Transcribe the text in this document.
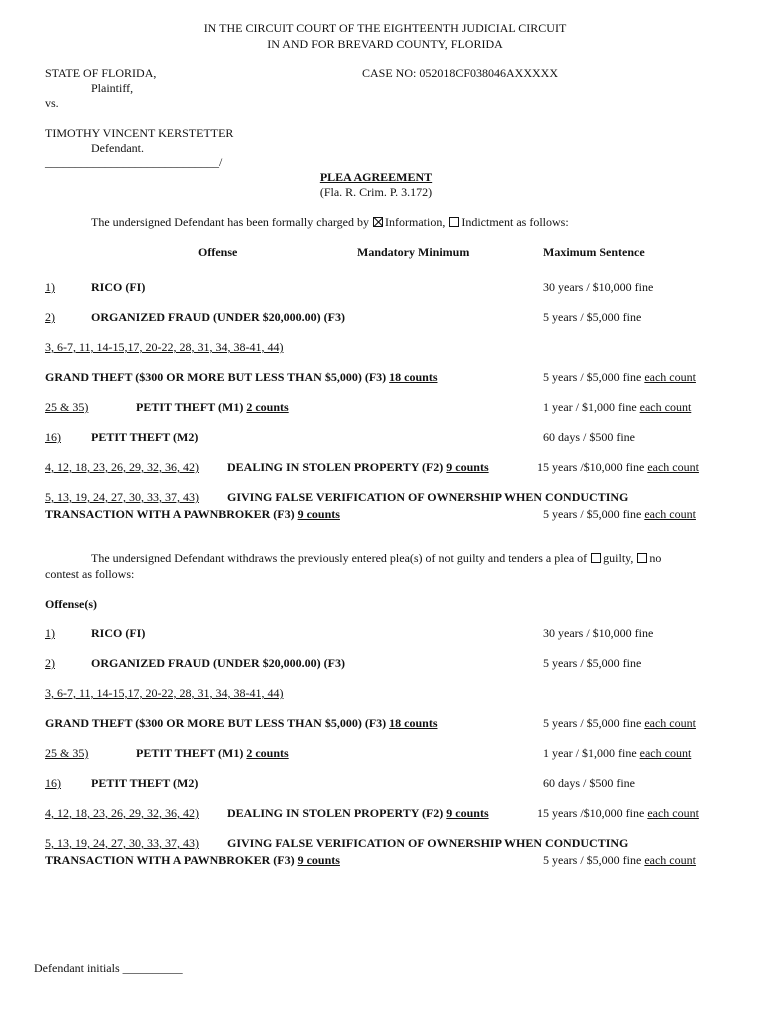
IN THE CIRCUIT COURT OF THE EIGHTEENTH JUDICIAL CIRCUIT
IN AND FOR BREVARD COUNTY, FLORIDA
STATE OF FLORIDA,	CASE NO: 052018CF038046AXXXXX
Plaintiff,
vs.
TIMOTHY VINCENT KERSTETTER
Defendant.
_____________________________/
PLEA AGREEMENT
(Fla. R. Crim. P. 3.172)
The undersigned Defendant has been formally charged by Information, Indictment as follows:
Offense	Mandatory Minimum	Maximum Sentence
1)	RICO (FI)	30 years / $10,000 fine
2)	ORGANIZED FRAUD (UNDER $20,000.00) (F3)	5 years / $5,000 fine
3, 6-7, 11, 14-15,17, 20-22, 28, 31, 34, 38-41, 44)
GRAND THEFT ($300 OR MORE BUT LESS THAN $5,000) (F3) 18 counts	5 years / $5,000 fine each count
25 & 35)	PETIT THEFT (M1) 2 counts	1 year / $1,000 fine each count
16)	PETIT THEFT (M2)	60 days / $500 fine
4, 12, 18, 23, 26, 29, 32, 36, 42) DEALING IN STOLEN PROPERTY (F2) 9 counts	15 years /$10,000 fine each count
5, 13, 19, 24, 27, 30, 33, 37, 43) GIVING FALSE VERIFICATION OF OWNERSHIP WHEN CONDUCTING
TRANSACTION WITH A PAWNBROKER (F3) 9 counts	5 years / $5,000 fine each count
The undersigned Defendant withdraws the previously entered plea(s) of not guilty and tenders a plea of guilty, no
contest as follows:
Offense(s)
1)	RICO (FI)	30 years / $10,000 fine
2)	ORGANIZED FRAUD (UNDER $20,000.00) (F3)	5 years / $5,000 fine
3, 6-7, 11, 14-15,17, 20-22, 28, 31, 34, 38-41, 44)
GRAND THEFT ($300 OR MORE BUT LESS THAN $5,000) (F3) 18 counts	5 years / $5,000 fine each count
25 & 35)	PETIT THEFT (M1) 2 counts	1 year / $1,000 fine each count
16)	PETIT THEFT (M2)	60 days / $500 fine
4, 12, 18, 23, 26, 29, 32, 36, 42) DEALING IN STOLEN PROPERTY (F2) 9 counts	15 years /$10,000 fine each count
5, 13, 19, 24, 27, 30, 33, 37, 43) GIVING FALSE VERIFICATION OF OWNERSHIP WHEN CONDUCTING
TRANSACTION WITH A PAWNBROKER (F3) 9 counts	5 years / $5,000 fine each count
Defendant initials __________
